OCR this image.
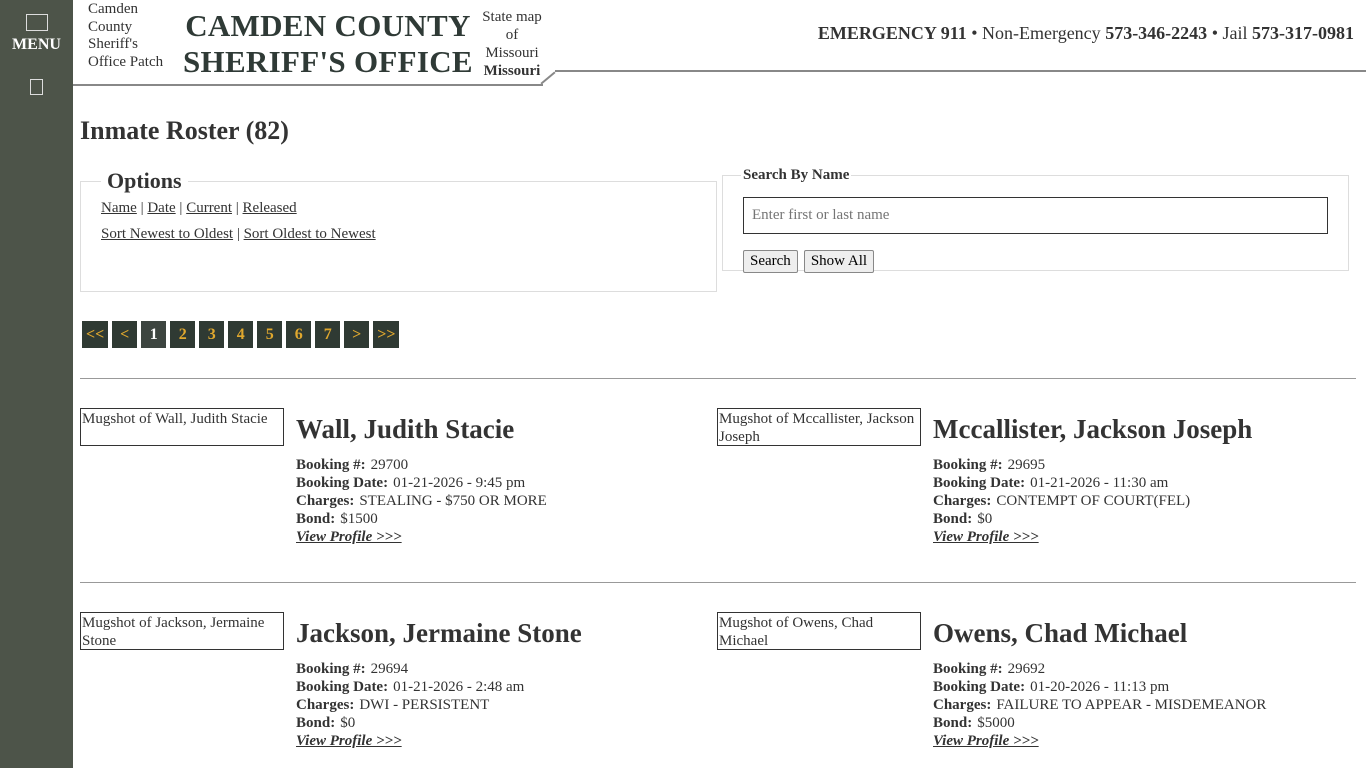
MENU
Camden County Sheriff's Office Patch
CAMDEN COUNTY
SHERIFF'S OFFICE
State map of Missouri
Missouri
EMERGENCY 911 • Non-Emergency 573-346-2243 • Jail 573-317-0981
Inmate Roster (82)
Options
Name | Date | Current | Released
Sort Newest to Oldest | Sort Oldest to Newest
Search By Name
Enter first or last name
Search Show All
<< <	1	2	3	4	5	6	7	> >>
Mugshot of Wall, Judith Stacie	Wall, Judith Stacie
Booking #: 29700
Booking Date: 01-21-2026 - 9:45 pm
Charges: STEALING - $750 OR MORE
Bond: $1500
View Profile >>>
Mugshot of Mccallister, Jackson Joseph	Mccallister, Jackson Joseph
Booking #: 29695
Booking Date: 01-21-2026 - 11:30 am
Charges: CONTEMPT OF COURT(FEL)
Bond: $0
View Profile >>>
Mugshot of Jackson, Jermaine Stone	Jackson, Jermaine Stone
Booking #: 29694
Booking Date: 01-21-2026 - 2:48 am
Charges: DWI - PERSISTENT
Bond: $0
View Profile >>>
Mugshot of Owens, Chad Michael	Owens, Chad Michael
Booking #: 29692
Booking Date: 01-20-2026 - 11:13 pm
Charges: FAILURE TO APPEAR - MISDEMEANOR
Bond: $5000
View Profile >>>
